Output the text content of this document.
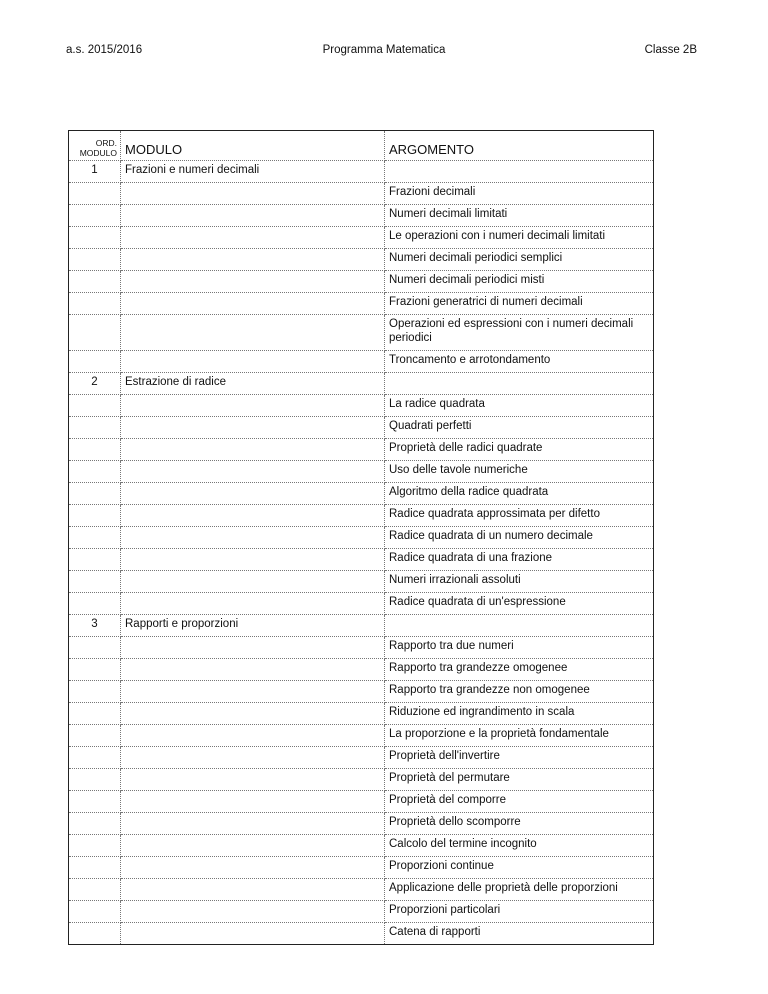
a.s. 2015/2016	Programma Matematica	Classe 2B
ORD. MODULO	MODULO	ARGOMENTO
1	Frazioni e numeri decimali	
		Frazioni decimali
		Numeri decimali limitati
		Le operazioni con i numeri decimali limitati
		Numeri decimali periodici semplici
		Numeri decimali periodici misti
		Frazioni generatrici di numeri decimali
		Operazioni ed espressioni con i numeri decimali periodici
		Troncamento e arrotondamento
2	Estrazione di radice	
		La radice quadrata
		Quadrati perfetti
		Proprietà delle radici quadrate
		Uso delle tavole numeriche
		Algoritmo della radice quadrata
		Radice quadrata approssimata per difetto
		Radice quadrata di un numero decimale
		Radice quadrata di una frazione
		Numeri irrazionali assoluti
		Radice quadrata di un'espressione
3	Rapporti e proporzioni	
		Rapporto tra due numeri
		Rapporto tra grandezze omogenee
		Rapporto tra grandezze non omogenee
		Riduzione ed ingrandimento in scala
		La proporzione e la proprietà fondamentale
		Proprietà dell'invertire
		Proprietà del permutare
		Proprietà del comporre
		Proprietà dello scomporre
		Calcolo del termine incognito
		Proporzioni continue
		Applicazione delle proprietà delle proporzioni
		Proporzioni particolari
		Catena di rapporti
